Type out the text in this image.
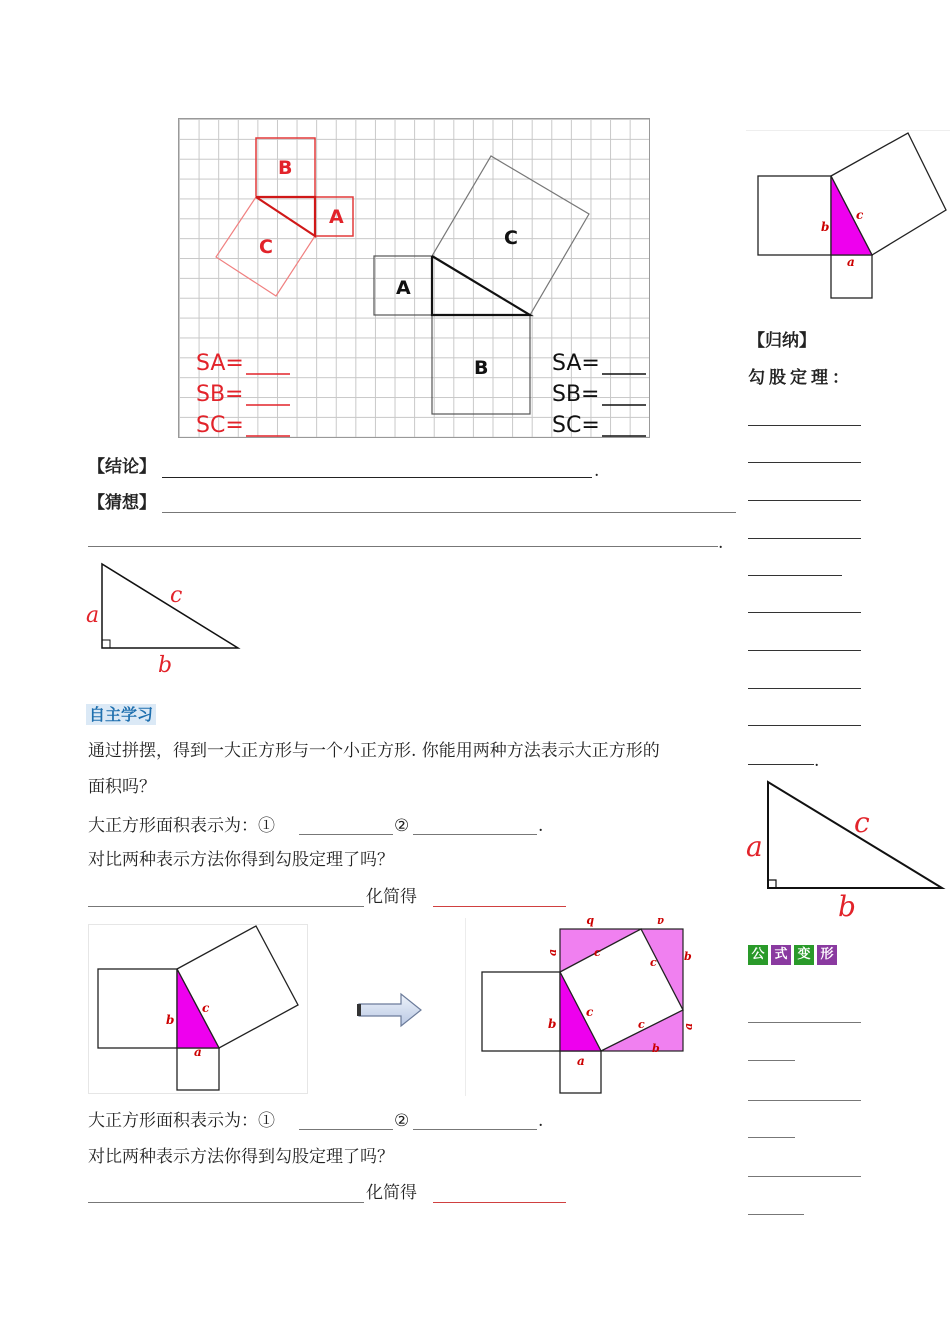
B
A
C
A
B
C
SA=
SB=
SC=
SA=
SB=
SC=
【结论】	.
【猜想】
.
a
c
b
自主学习
通过拼摆，得到一大正方形与一个小正方形. 你能用两种方法表示大正方形的
面积吗？
大正方形面积表示为：①	②	.
对比两种表示方法你得到勾股定理了吗？
化简得
b
c
a
b
c
a
a
b	a
b
a
b
c
c
c
大正方形面积表示为：①	②	.
对比两种表示方法你得到勾股定理了吗？
化简得
b
c
a
【归纳】
勾股定理：
.
a
c
b
公 式 变 形
